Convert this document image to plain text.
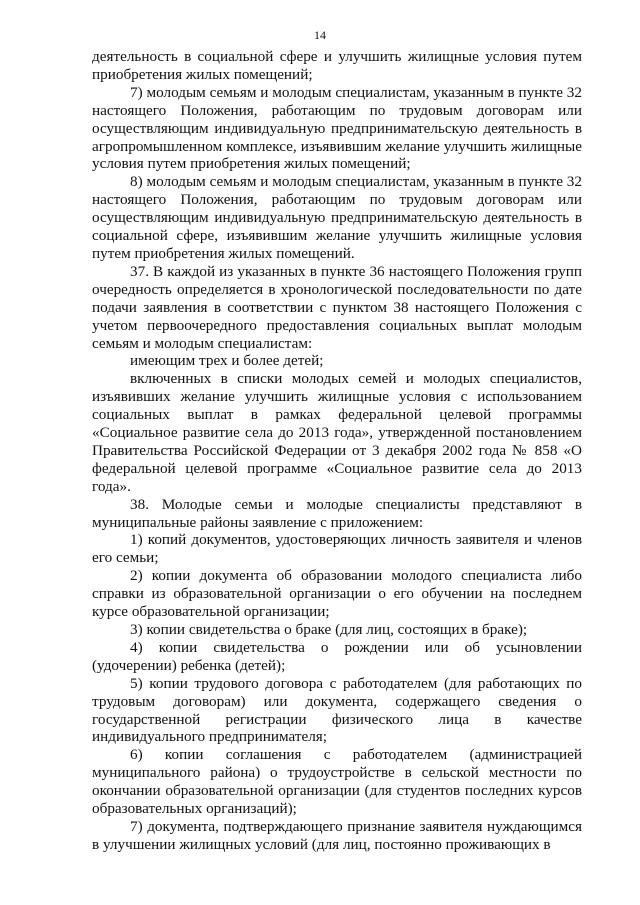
14

деятельность в социальной сфере и улучшить жилищные условия путем приобретения жилых помещений;

7) молодым семьям и молодым специалистам, указанным в пункте 32 настоящего Положения, работающим по трудовым договорам или осуществляющим индивидуальную предпринимательскую деятельность в агропромышленном комплексе, изъявившим желание улучшить жилищные условия путем приобретения жилых помещений;

8) молодым семьям и молодым специалистам, указанным в пункте 32 настоящего Положения, работающим по трудовым договорам или осуществляющим индивидуальную предпринимательскую деятельность в социальной сфере, изъявившим желание улучшить жилищные условия путем приобретения жилых помещений.

37. В каждой из указанных в пункте 36 настоящего Положения групп очередность определяется в хронологической последовательности по дате подачи заявления в соответствии с пунктом 38 настоящего Положения с учетом первоочередного предоставления социальных выплат молодым семьям и молодым специалистам:

имеющим трех и более детей;

включенных в списки молодых семей и молодых специалистов, изъявивших желание улучшить жилищные условия с использованием социальных выплат в рамках федеральной целевой программы «Социальное развитие села до 2013 года», утвержденной постановлением Правительства Российской Федерации от 3 декабря 2002 года № 858 «О федеральной целевой программе «Социальное развитие села до 2013 года».

38. Молодые семьи и молодые специалисты представляют в муниципальные районы заявление с приложением:

1) копий документов, удостоверяющих личность заявителя и членов его семьи;

2) копии документа об образовании молодого специалиста либо справки из образовательной организации о его обучении на последнем курсе образовательной организации;

3) копии свидетельства о браке (для лиц, состоящих в браке);

4) копии свидетельства о рождении или об усыновлении (удочерении) ребенка (детей);

5) копии трудового договора с работодателем (для работающих по трудовым договорам) или документа, содержащего сведения о государственной регистрации физического лица в качестве индивидуального предпринимателя;

6) копии соглашения с работодателем (администрацией муниципального района) о трудоустройстве в сельской местности по окончании образовательной организации (для студентов последних курсов образовательных организаций);

7) документа, подтверждающего признание заявителя нуждающимся в улучшении жилищных условий (для лиц, постоянно проживающих в
